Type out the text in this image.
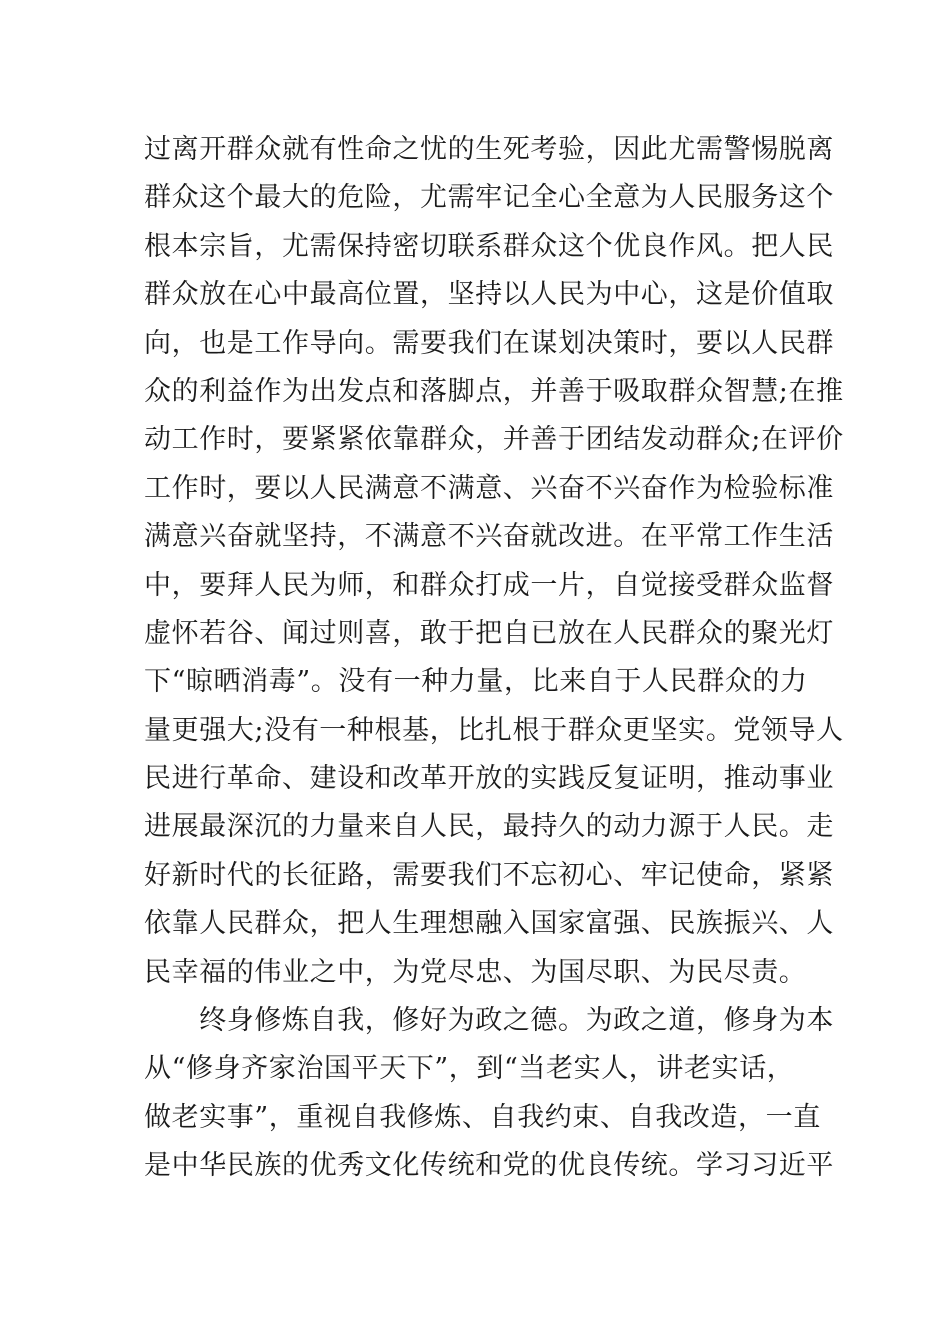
过离开群众就有性命之忧的生死考验，因此尤需警惕脱离
群众这个最大的危险，尤需牢记全心全意为人民服务这个
根本宗旨，尤需保持密切联系群众这个优良作风。把人民
群众放在心中最高位置，坚持以人民为中心，这是价值取
向，也是工作导向。需要我们在谋划决策时，要以人民群
众的利益作为出发点和落脚点，并善于吸取群众智慧;在推
动工作时，要紧紧依靠群众，并善于团结发动群众;在评价
工作时，要以人民满意不满意、兴奋不兴奋作为检验标准
满意兴奋就坚持，不满意不兴奋就改进。在平常工作生活
中，要拜人民为师，和群众打成一片，自觉接受群众监督
虚怀若谷、闻过则喜，敢于把自已放在人民群众的聚光灯
下“晾晒消毒”。没有一种力量，比来自于人民群众的力
量更强大;没有一种根基，比扎根于群众更坚实。党领导人
民进行革命、建设和改革开放的实践反复证明，推动事业
进展最深沉的力量来自人民，最持久的动力源于人民。走
好新时代的长征路，需要我们不忘初心、牢记使命，紧紧
依靠人民群众，把人生理想融入国家富强、民族振兴、人
民幸福的伟业之中，为党尽忠、为国尽职、为民尽责。
　　终身修炼自我，修好为政之德。为政之道，修身为本
从“修身齐家治国平天下”，到“当老实人，讲老实话，
做老实事”，重视自我修炼、自我约束、自我改造，一直
是中华民族的优秀文化传统和党的优良传统。学习习近平
